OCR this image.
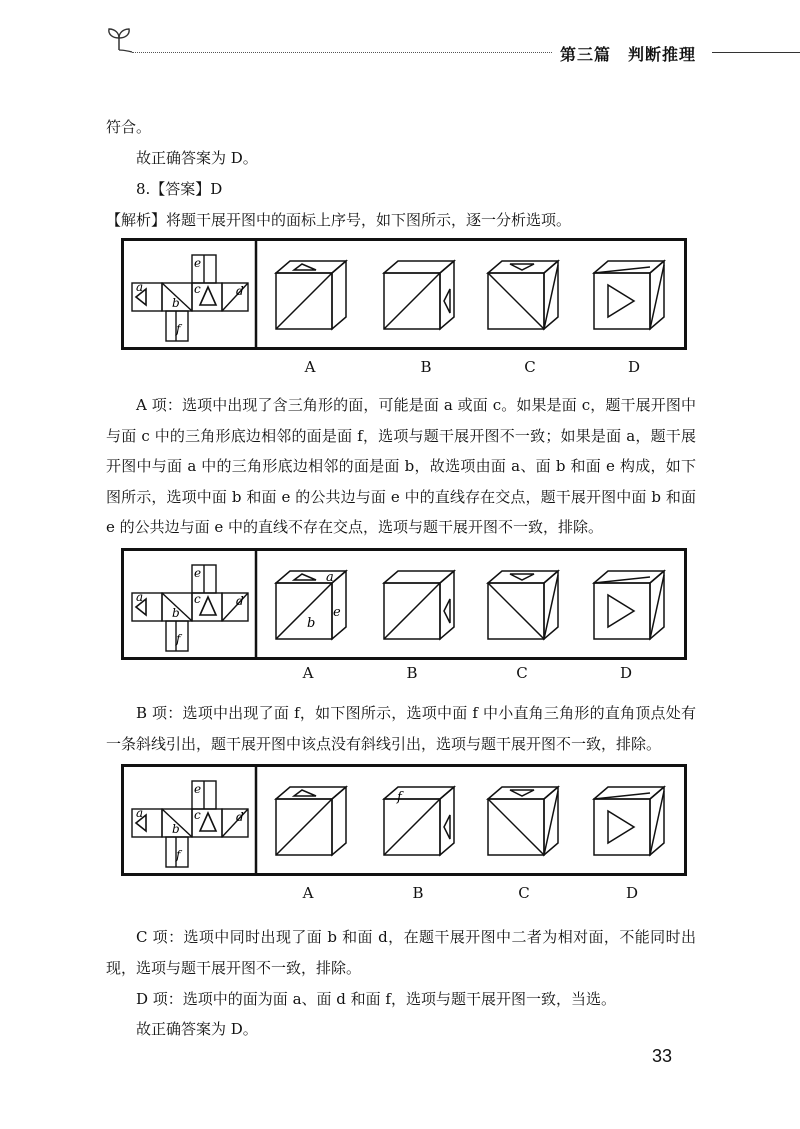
第三篇　判断推理
符合。
故正确答案为 D。
8.【答案】D
【解析】将题干展开图中的面标上序号，如下图所示，逐一分析选项。
a
b
c	d
e
f
A	B	C	D
A 项：选项中出现了含三角形的面，可能是面 a 或面 c。如果是面 c，题干展开图中与面 c 中的三角形底边相邻的面是面 f，选项与题干展开图不一致；如果是面 a，题干展开图中与面 a 中的三角形底边相邻的面是面 b，故选项由面 a、面 b 和面 e 构成，如下图所示，选项中面 b 和面 e 的公共边与面 e 中的直线存在交点，题干展开图中面 b 和面 e 的公共边与面 e 中的直线不存在交点，选项与题干展开图不一致，排除。
a
b
c	d
e
f
a
b
e
A	B	C	D
B 项：选项中出现了面 f，如下图所示，选项中面 f 中小直角三角形的直角顶点处有一条斜线引出，题干展开图中该点没有斜线引出，选项与题干展开图不一致，排除。
a
b
c	d
e
f
f
A	B	C	D
C 项：选项中同时出现了面 b 和面 d，在题干展开图中二者为相对面，不能同时出现，选项与题干展开图不一致，排除。
D 项：选项中的面为面 a、面 d 和面 f，选项与题干展开图一致，当选。
故正确答案为 D。
33
